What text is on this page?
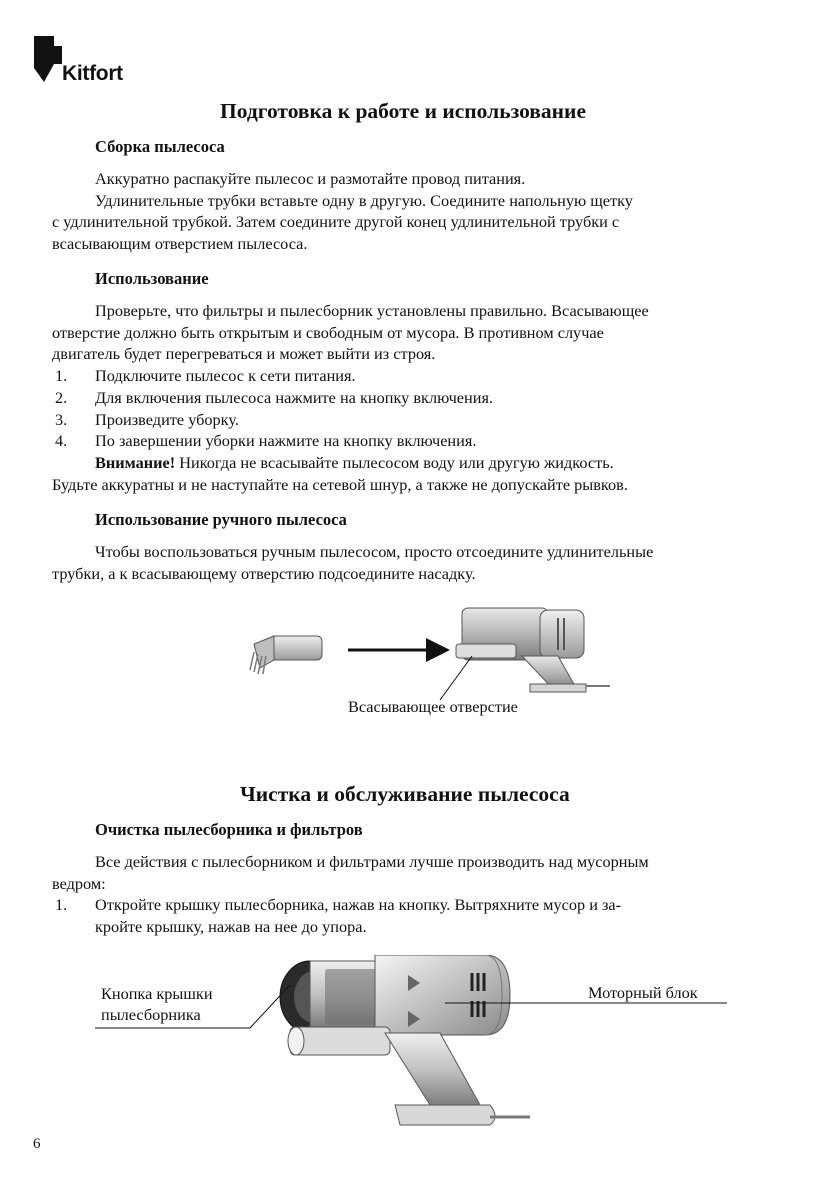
Kitfort
Подготовка к работе и использование
Сборка пылесоса
Аккуратно распакуйте пылесос и размотайте провод питания.
Удлинительные трубки вставьте одну в другую. Соедините напольную щетку
с удлинительной трубкой. Затем соедините другой конец удлинительной трубки с
всасывающим отверстием пылесоса.
Использование
Проверьте, что фильтры и пылесборник установлены правильно. Всасывающее
отверстие должно быть открытым и свободным от мусора. В противном случае
двигатель будет перегреваться и может выйти из строя.
1. Подключите пылесос к сети питания.
2. Для включения пылесоса нажмите на кнопку включения.
3. Произведите уборку.
4. По завершении уборки нажмите на кнопку включения.
Внимание! Никогда не всасывайте пылесосом воду или другую жидкость.
Будьте аккуратны и не наступайте на сетевой шнур, а также не допускайте рывков.
Использование ручного пылесоса
Чтобы воспользоваться ручным пылесосом, просто отсоедините удлинительные
трубки, а к всасывающему отверстию подсоедините насадку.
Всасывающее отверстие
Чистка и обслуживание пылесоса
Очистка пылесборника и фильтров
Все действия с пылесборником и фильтрами лучше производить над мусорным
ведром:
1. Откройте крышку пылесборника, нажав на кнопку. Вытряхните мусор и за-
кройте крышку, нажав на нее до упора.
Кнопка крышки
пылесборника
Моторный блок
6
